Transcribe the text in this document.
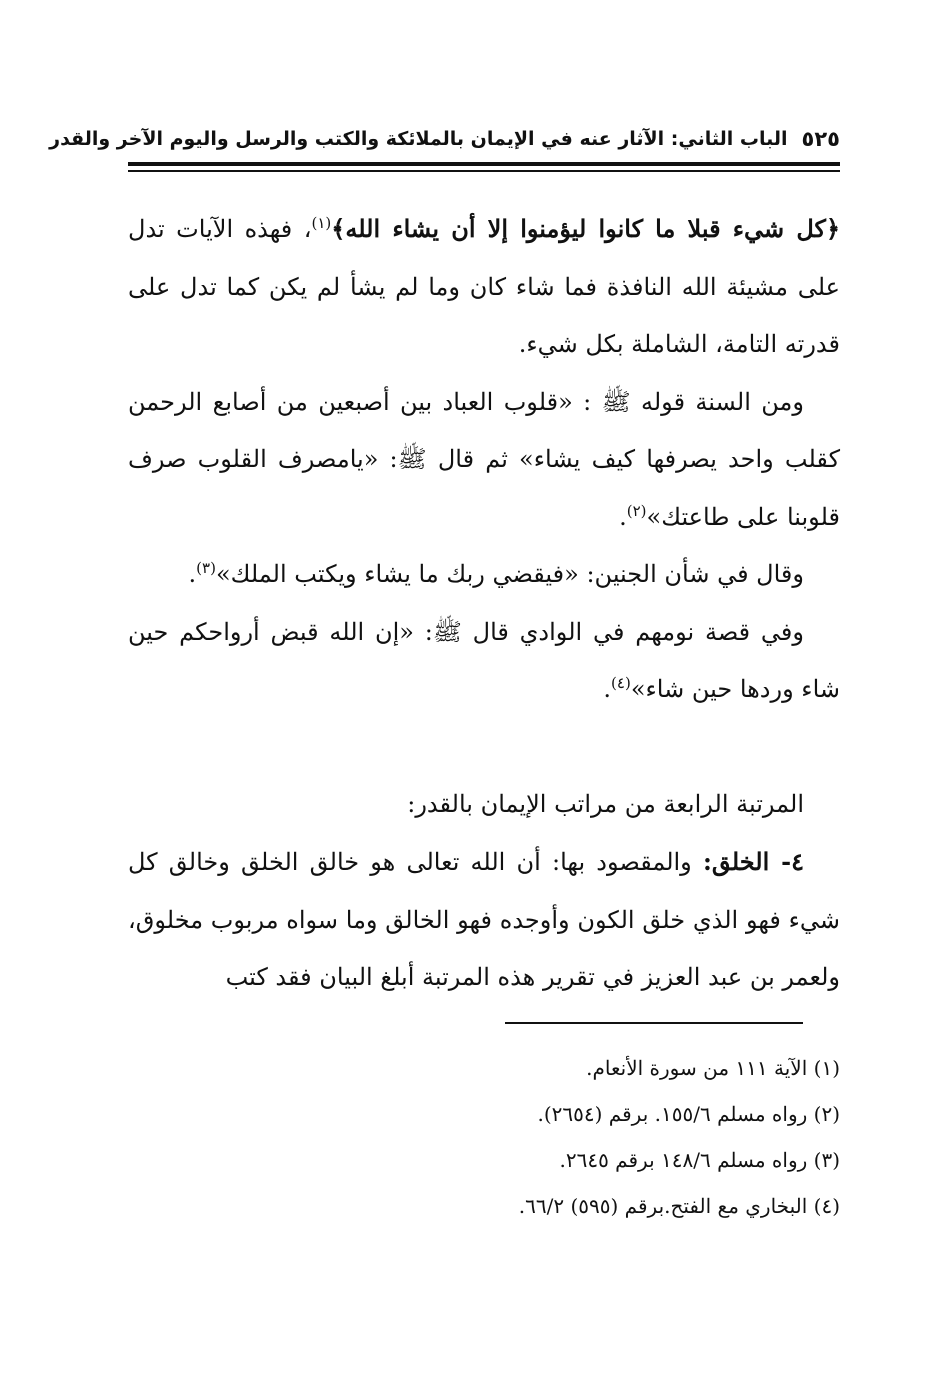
٥٢٥
الباب الثاني: الآثار عنه في الإيمان بالملائكة والكتب والرسل واليوم الآخر والقدر

﴿كل شيء قبلا ما كانوا ليؤمنوا إلا أن يشاء الله﴾$^{(١)}$، فهذه الآيات تدل على مشيئة الله النافذة فما شاء كان وما لم يشأ لم يكن كما تدل على قدرته التامة، الشاملة بكل شيء.

ومن السنة قوله ﷺ : «قلوب العباد بين أصبعين من أصابع الرحمن كقلب واحد يصرفها كيف يشاء» ثم قال ﷺ: «يامصرف القلوب صرف قلوبنا على طاعتك»$^{(٢)}$.

وقال في شأن الجنين: «فيقضي ربك ما يشاء ويكتب الملك»$^{(٣)}$.

وفي قصة نومهم في الوادي قال ﷺ: «إن الله قبض أرواحكم حين شاء وردها حين شاء»$^{(٤)}$.

المرتبة الرابعة من مراتب الإيمان بالقدر:

٤- الخلق: والمقصود بها: أن الله تعالى هو خالق الخلق وخالق كل شيء فهو الذي خلق الكون وأوجده فهو الخالق وما سواه مربوب مخلوق، ولعمر بن عبد العزيز في تقرير هذه المرتبة أبلغ البيان فقد كتب

(١) الآية ١١١ من سورة الأنعام.

(٢) رواه مسلم ١٥٥/٦. برقم (٢٦٥٤).

(٣) رواه مسلم ١٤٨/٦ برقم ٢٦٤٥.

(٤) البخاري مع الفتح.برقم (٥٩٥) ٦٦/٢.
